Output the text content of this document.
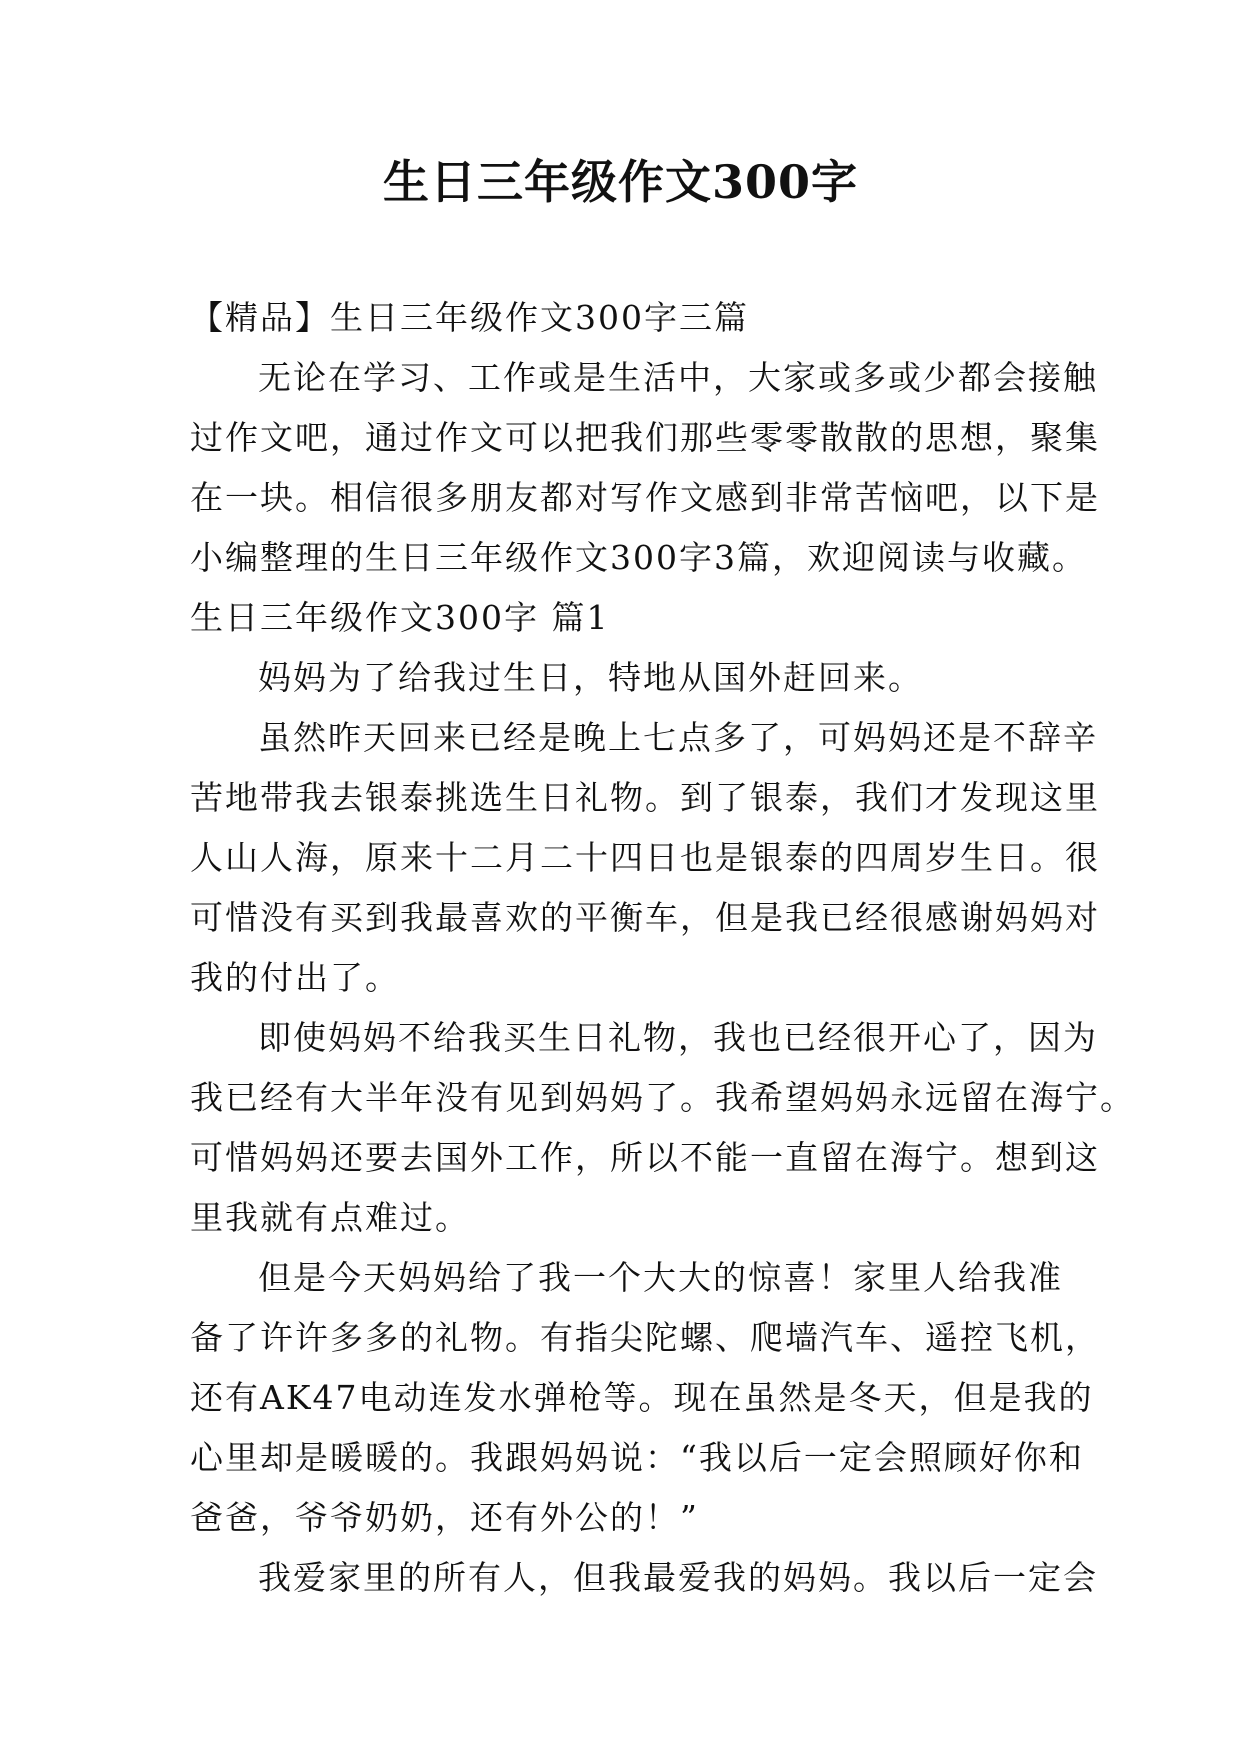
生日三年级作文300字
【精品】生日三年级作文300字三篇
无论在学习、工作或是生活中，大家或多或少都会接触
过作文吧，通过作文可以把我们那些零零散散的思想，聚集
在一块。相信很多朋友都对写作文感到非常苦恼吧，以下是
小编整理的生日三年级作文300字3篇，欢迎阅读与收藏。
生日三年级作文300字 篇1
妈妈为了给我过生日，特地从国外赶回来。
虽然昨天回来已经是晚上七点多了，可妈妈还是不辞辛
苦地带我去银泰挑选生日礼物。到了银泰，我们才发现这里
人山人海，原来十二月二十四日也是银泰的四周岁生日。很
可惜没有买到我最喜欢的平衡车，但是我已经很感谢妈妈对
我的付出了。
即使妈妈不给我买生日礼物，我也已经很开心了，因为
我已经有大半年没有见到妈妈了。我希望妈妈永远留在海宁。
可惜妈妈还要去国外工作，所以不能一直留在海宁。想到这
里我就有点难过。
但是今天妈妈给了我一个大大的惊喜！家里人给我准
备了许许多多的礼物。有指尖陀螺、爬墙汽车、遥控飞机，
还有AK47电动连发水弹枪等。现在虽然是冬天，但是我的
心里却是暖暖的。我跟妈妈说：“我以后一定会照顾好你和
爸爸，爷爷奶奶，还有外公的！”
我爱家里的所有人，但我最爱我的妈妈。我以后一定会
